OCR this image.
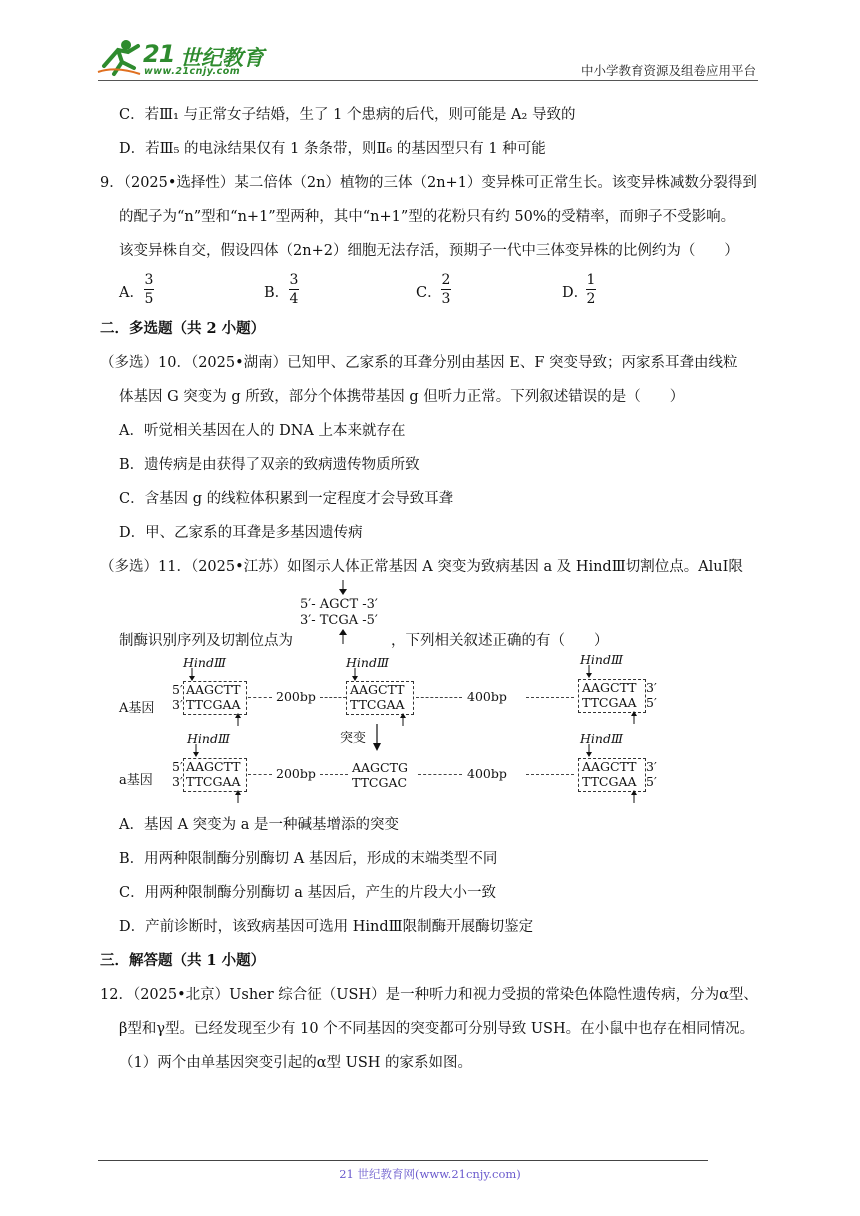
21 世纪教育
www.21cnjy.com	中小学教育资源及组卷应用平台
C．若Ⅲ₁ 与正常女子结婚，生了 1 个患病的后代，则可能是 A₂ 导致的
D．若Ⅲ₅ 的电泳结果仅有 1 条条带，则Ⅱ₆ 的基因型只有 1 种可能
9．（2025•选择性）某二倍体（2n）植物的三体（2n+1）变异株可正常生长。该变异株减数分裂得到
的配子为“n”型和“n+1”型两种，其中“n+1”型的花粉只有约 50%的受精率，而卵子不受影响。
该变异株自交，假设四体（2n+2）细胞无法存活，预期子一代中三体变异株的比例约为（　　）
A．
3
5	B．
3
4	C．
2
3	D．
1
2
二．多选题（共 2 小题）
（多选）10．（2025•湖南）已知甲、乙家系的耳聋分别由基因 E、F 突变导致；丙家系耳聋由线粒
体基因 G 突变为 g 所致，部分个体携带基因 g 但听力正常。下列叙述错误的是（　　）
A．听觉相关基因在人的 DNA 上本来就存在
B．遗传病是由获得了双亲的致病遗传物质所致
C．含基因 g 的线粒体积累到一定程度才会导致耳聋
D．甲、乙家系的耳聋是多基因遗传病
（多选）11．（2025•江苏）如图示人体正常基因 A 突变为致病基因 a 及 HindⅢ切割位点。AluⅠ限
5′- AGCT -3′
3′- TCGA -5′
制酶识别序列及切割位点为	，下列相关叙述正确的有（　　）
HindⅢ	HindⅢ	HindⅢ
A基因
5′
3′
AAGCTT
TTCGAA
200bp	AAGCTT
TTCGAA
400bp
AAGCTT
TTCGAA
3′
5′
突变
HindⅢ	HindⅢ
a基因
5′
3′
AAGCTT
TTCGAA
200bp	AAGCTG
TTCGAC
400bp	AAGCTT
TTCGAA
3′
5′
A．基因 A 突变为 a 是一种碱基增添的突变
B．用两种限制酶分别酶切 A 基因后，形成的末端类型不同
C．用两种限制酶分别酶切 a 基因后，产生的片段大小一致
D．产前诊断时，该致病基因可选用 HindⅢ限制酶开展酶切鉴定
三．解答题（共 1 小题）
12．（2025•北京）Usher 综合征（USH）是一种听力和视力受损的常染色体隐性遗传病，分为α型、
β型和γ型。已经发现至少有 10 个不同基因的突变都可分别导致 USH。在小鼠中也存在相同情况。
（1）两个由单基因突变引起的α型 USH 的家系如图。
21 世纪教育网(www.21cnjy.com)
